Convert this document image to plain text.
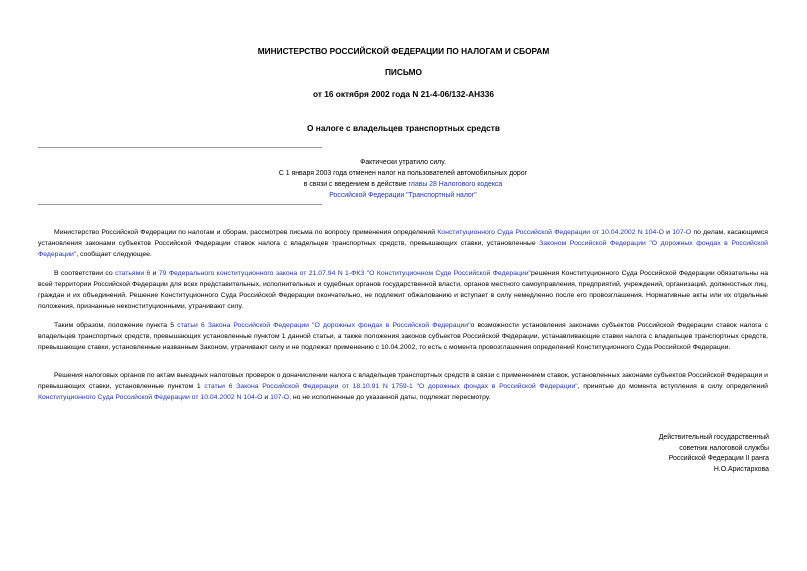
МИНИСТЕРСТВО РОССИЙСКОЙ ФЕДЕРАЦИИ ПО НАЛОГАМ И СБОРАМ
ПИСЬМО
от 16 октября 2002 года N 21-4-06/132-АН336
О налоге с владельцев транспортных средств
Фактически утратило силу.
С 1 января 2003 года отменен налог на пользователей автомобильных дорог
в связи с введением в действие главы 28 Налогового кодекса
Российской Федерации "Транспортный налог"
Министерство Российской Федерации по налогам и сборам, рассмотрев письма по вопросу применения определений Конституционного Суда Российской Федерации от 10.04.2002 N 104-О и 107-О по делам, касающимся установления законами субъектов Российской Федерации ставок налога с владельцев транспортных средств, превышающих ставки, установленные Законом Российской Федерации "О дорожных фондах в Российской Федерации", сообщает следующее.
В соответствии со статьями 6 и 79 Федерального конституционного закона от 21.07.94 N 1-ФКЗ "О Конституционном Суде Российской Федерации"решения Конституционного Суда Российской Федерации обязательны на всей территории Российской Федерации для всех представительных, исполнительных и судебных органов государственной власти, органов местного самоуправления, предприятий, учреждений, организаций, должностных лиц, граждан и их объединений. Решение Конституционного Суда Российской Федерации окончательно, не подлежит обжалованию и вступает в силу немедленно после его провозглашения. Нормативные акты или их отдельные положения, признанные неконституционными, утрачивают силу.
Таким образом, положение пункта 5 статьи 6 Закона Российской Федерации "О дорожных фондах в Российской Федерации"о возможности установления законами субъектов Российской Федерации ставок налога с владельцев транспортных средств, превышающих установленные пунктом 1 данной статьи, а также положения законов субъектов Российской Федерации, устанавливающие ставки налога с владельцев транспортных средств, превышающие ставки, установленные названным Законом, утрачивают силу и не подлежат применению с 10.04.2002, то есть с момента провозглашения определений Конституционного Суда Российской Федерации.
Решения налоговых органов по актам выездных налоговых проверок о доначислении налога с владельцев транспортных средств в связи с применением ставок, установленных законами субъектов Российской Федерации и превышающих ставки, установленные пунктом 1 статьи 6 Закона Российской Федерации от 18.10.91 N 1759-1 "О дорожных фондах в Российской Федерации", принятые до момента вступления в силу определений Конституционного Суда Российской Федерации от 10.04.2002 N 104-О и 107-О, но не исполненные до указанной даты, подлежат пересмотру.
Действительный государственный
советник налоговой службы
Российской Федерации II ранга
Н.О.Аристархова
